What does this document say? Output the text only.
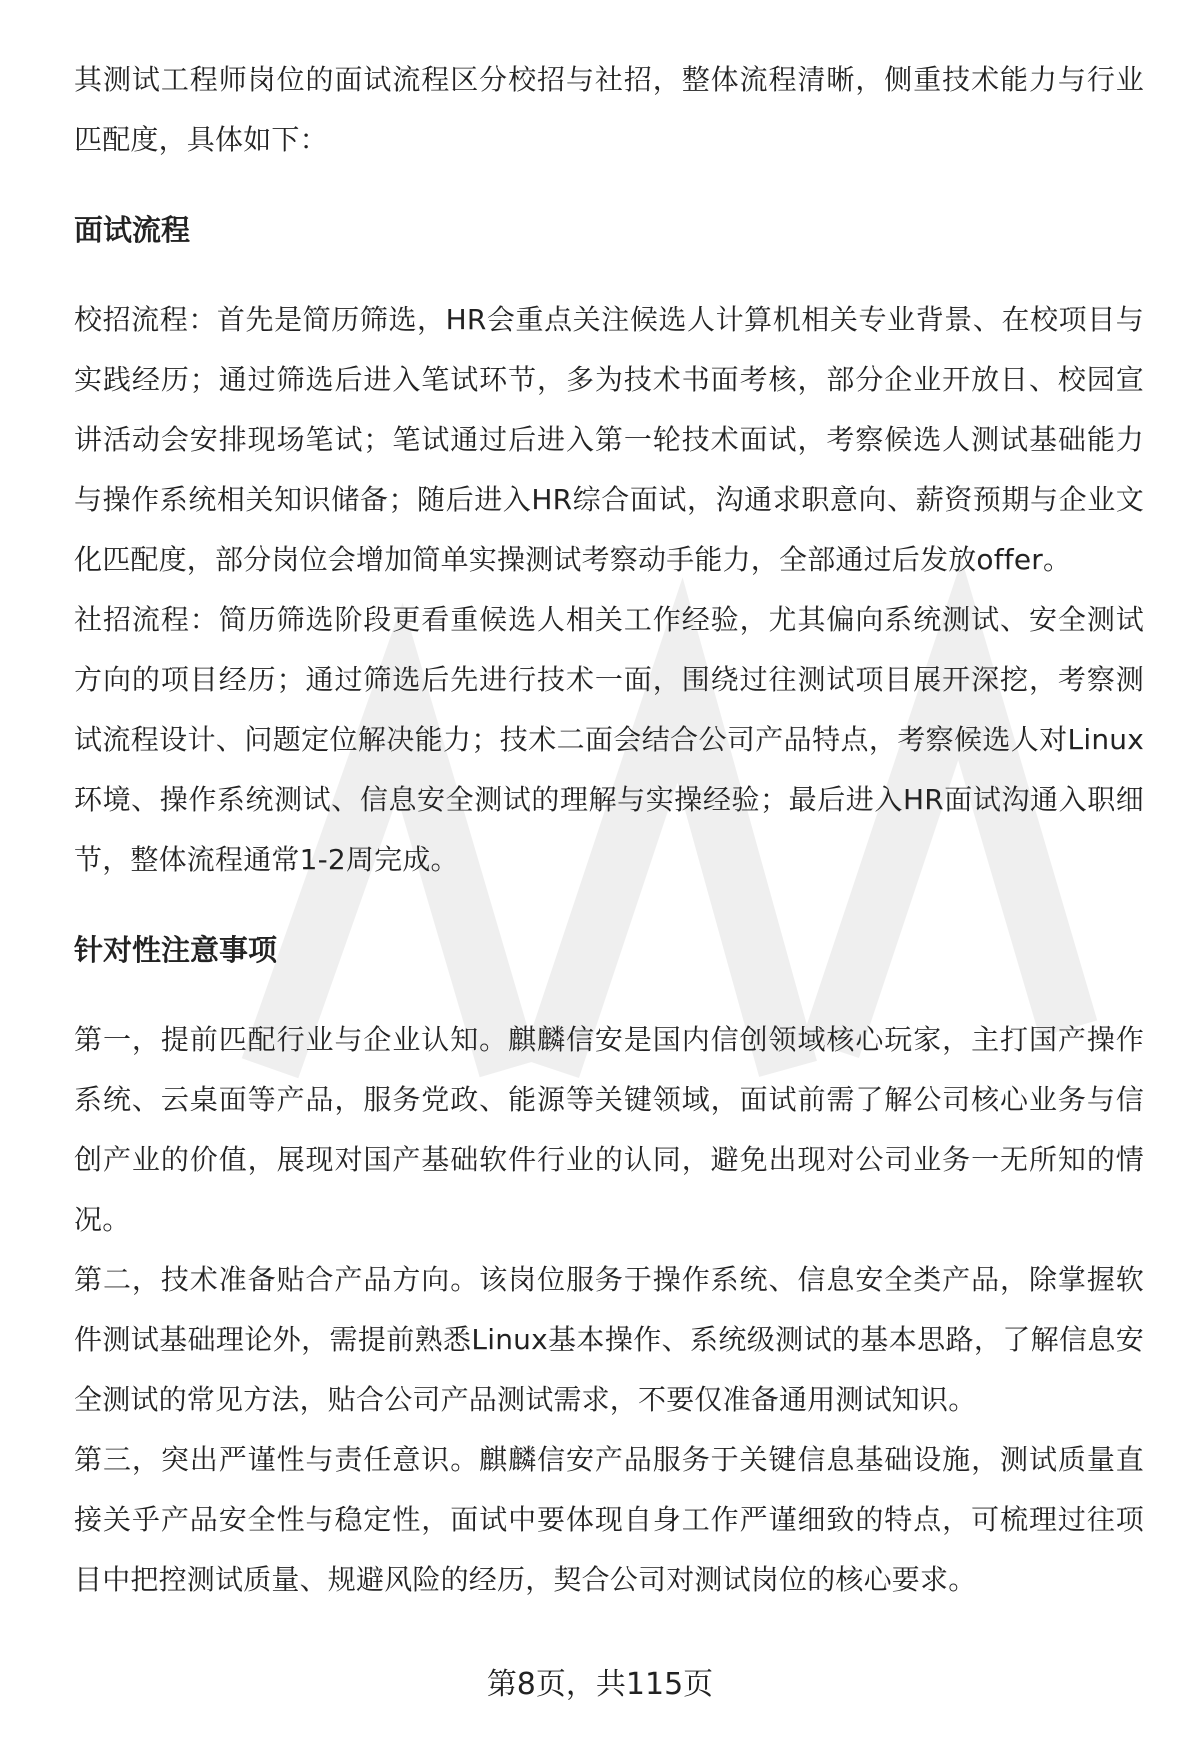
其测试工程师岗位的面试流程区分校招与社招，整体流程清晰，侧重技术能力与行业匹配度，具体如下：

面试流程

校招流程：首先是简历筛选，HR会重点关注候选人计算机相关专业背景、在校项目与实践经历；通过筛选后进入笔试环节，多为技术书面考核，部分企业开放日、校园宣讲活动会安排现场笔试；笔试通过后进入第一轮技术面试，考察候选人测试基础能力与操作系统相关知识储备；随后进入HR综合面试，沟通求职意向、薪资预期与企业文化匹配度，部分岗位会增加简单实操测试考察动手能力，全部通过后发放offer。

社招流程：简历筛选阶段更看重候选人相关工作经验，尤其偏向系统测试、安全测试方向的项目经历；通过筛选后先进行技术一面，围绕过往测试项目展开深挖，考察测试流程设计、问题定位解决能力；技术二面会结合公司产品特点，考察候选人对Linux环境、操作系统测试、信息安全测试的理解与实操经验；最后进入HR面试沟通入职细节，整体流程通常1-2周完成。

针对性注意事项

第一，提前匹配行业与企业认知。麒麟信安是国内信创领域核心玩家，主打国产操作系统、云桌面等产品，服务党政、能源等关键领域，面试前需了解公司核心业务与信创产业的价值，展现对国产基础软件行业的认同，避免出现对公司业务一无所知的情况。

第二，技术准备贴合产品方向。该岗位服务于操作系统、信息安全类产品，除掌握软件测试基础理论外，需提前熟悉Linux基本操作、系统级测试的基本思路，了解信息安全测试的常见方法，贴合公司产品测试需求，不要仅准备通用测试知识。

第三，突出严谨性与责任意识。麒麟信安产品服务于关键信息基础设施，测试质量直接关乎产品安全性与稳定性，面试中要体现自身工作严谨细致的特点，可梳理过往项目中把控测试质量、规避风险的经历，契合公司对测试岗位的核心要求。

第8页，共115页
